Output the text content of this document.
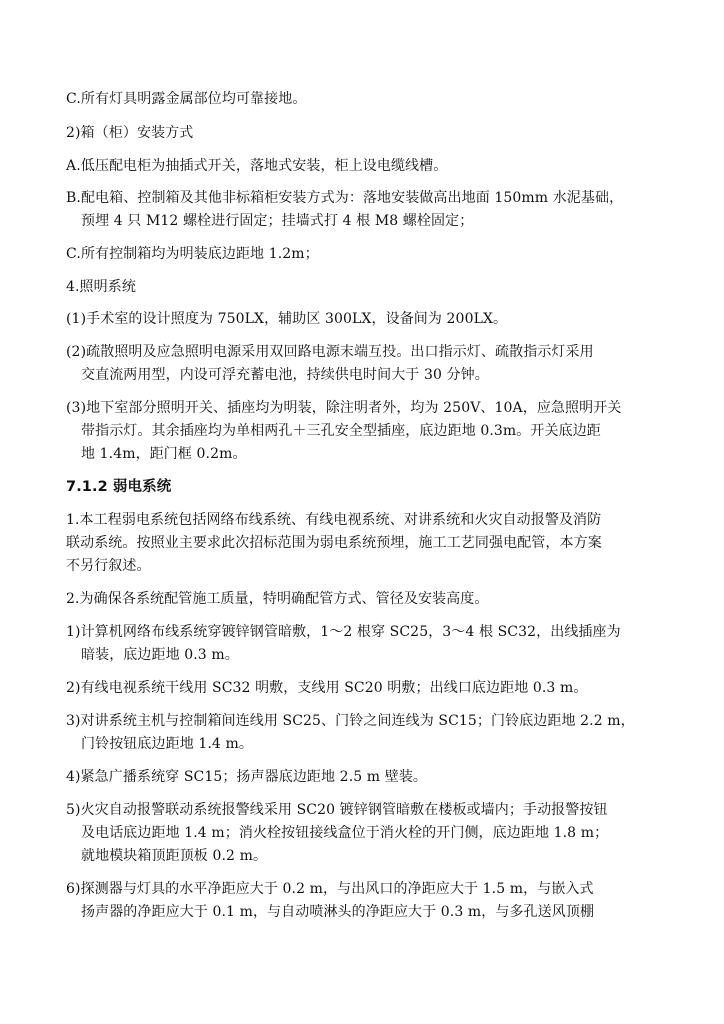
C.所有灯具明露金属部位均可靠接地。
2)箱（柜）安装方式
A.低压配电柜为抽插式开关，落地式安装，柜上设电缆线槽。
B.配电箱、控制箱及其他非标箱柜安装方式为：落地安装做高出地面 150mm 水泥基础，
预埋 4 只 M12 螺栓进行固定；挂墙式打 4 根 M8 螺栓固定；
C.所有控制箱均为明装底边距地 1.2m；
4.照明系统
(1)手术室的设计照度为 750LX，辅助区 300LX，设备间为 200LX。
(2)疏散照明及应急照明电源采用双回路电源末端互投。出口指示灯、疏散指示灯采用
交直流两用型，内设可浮充蓄电池，持续供电时间大于 30 分钟。
(3)地下室部分照明开关、插座均为明装，除注明者外，均为 250V、10A，应急照明开关
带指示灯。其余插座均为单相两孔＋三孔安全型插座，底边距地 0.3m。开关底边距
地 1.4m，距门框 0.2m。
7.1.2 弱电系统
1.本工程弱电系统包括网络布线系统、有线电视系统、对讲系统和火灾自动报警及消防
联动系统。按照业主要求此次招标范围为弱电系统预埋，施工工艺同强电配管，本方案
不另行叙述。
2.为确保各系统配管施工质量，特明确配管方式、管径及安装高度。
1)计算机网络布线系统穿镀锌钢管暗敷，1～2 根穿 SC25，3～4 根 SC32，出线插座为
暗装，底边距地 0.3 m。
2)有线电视系统干线用 SC32 明敷，支线用 SC20 明敷；出线口底边距地 0.3 m。
3)对讲系统主机与控制箱间连线用 SC25、门铃之间连线为 SC15；门铃底边距地 2.2 m，
门铃按钮底边距地 1.4 m。
4)紧急广播系统穿 SC15；扬声器底边距地 2.5 m 壁装。
5)火灾自动报警联动系统报警线采用 SC20 镀锌钢管暗敷在楼板或墙内；手动报警按钮
及电话底边距地 1.4 m；消火栓按钮接线盒位于消火栓的开门侧，底边距地 1.8 m；
就地模块箱顶距顶板 0.2 m。
6)探测器与灯具的水平净距应大于 0.2 m，与出风口的净距应大于 1.5 m，与嵌入式
扬声器的净距应大于 0.1 m，与自动喷淋头的净距应大于 0.3 m，与多孔送风顶棚
